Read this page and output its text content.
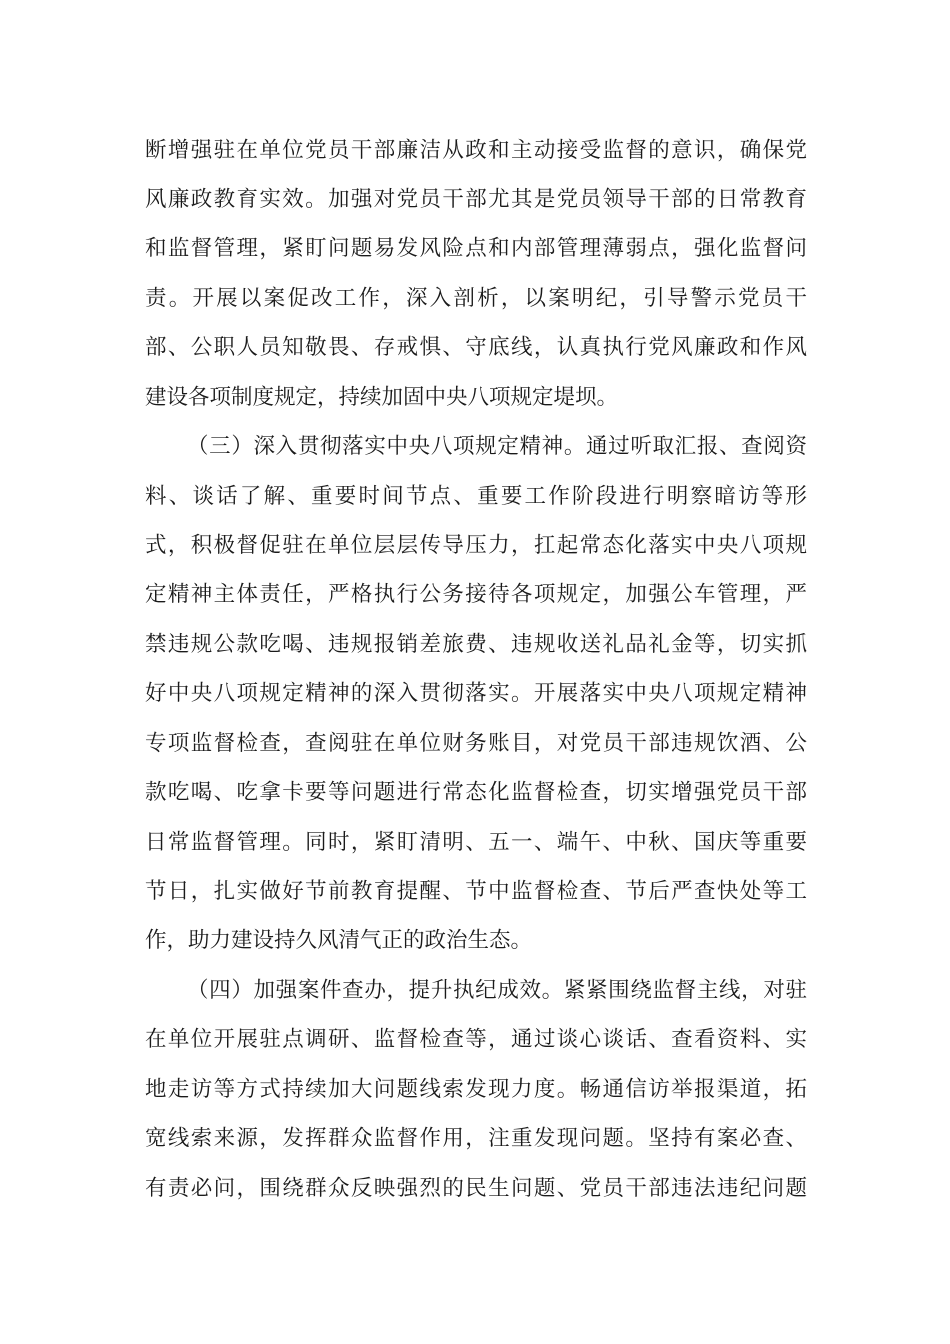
断增强驻在单位党员干部廉洁从政和主动接受监督的意识，确保党
风廉政教育实效。加强对党员干部尤其是党员领导干部的日常教育
和监督管理，紧盯问题易发风险点和内部管理薄弱点，强化监督问
责。开展以案促改工作，深入剖析，以案明纪，引导警示党员干
部、公职人员知敬畏、存戒惧、守底线，认真执行党风廉政和作风
建设各项制度规定，持续加固中央八项规定堤坝。
（三）深入贯彻落实中央八项规定精神。通过听取汇报、查阅资
料、谈话了解、重要时间节点、重要工作阶段进行明察暗访等形
式，积极督促驻在单位层层传导压力，扛起常态化落实中央八项规
定精神主体责任，严格执行公务接待各项规定，加强公车管理，严
禁违规公款吃喝、违规报销差旅费、违规收送礼品礼金等，切实抓
好中央八项规定精神的深入贯彻落实。开展落实中央八项规定精神
专项监督检查，查阅驻在单位财务账目，对党员干部违规饮酒、公
款吃喝、吃拿卡要等问题进行常态化监督检查，切实增强党员干部
日常监督管理。同时，紧盯清明、五一、端午、中秋、国庆等重要
节日，扎实做好节前教育提醒、节中监督检查、节后严查快处等工
作，助力建设持久风清气正的政治生态。
（四）加强案件查办，提升执纪成效。紧紧围绕监督主线，对驻
在单位开展驻点调研、监督检查等，通过谈心谈话、查看资料、实
地走访等方式持续加大问题线索发现力度。畅通信访举报渠道，拓
宽线索来源，发挥群众监督作用，注重发现问题。坚持有案必查、
有责必问，围绕群众反映强烈的民生问题、党员干部违法违纪问题
